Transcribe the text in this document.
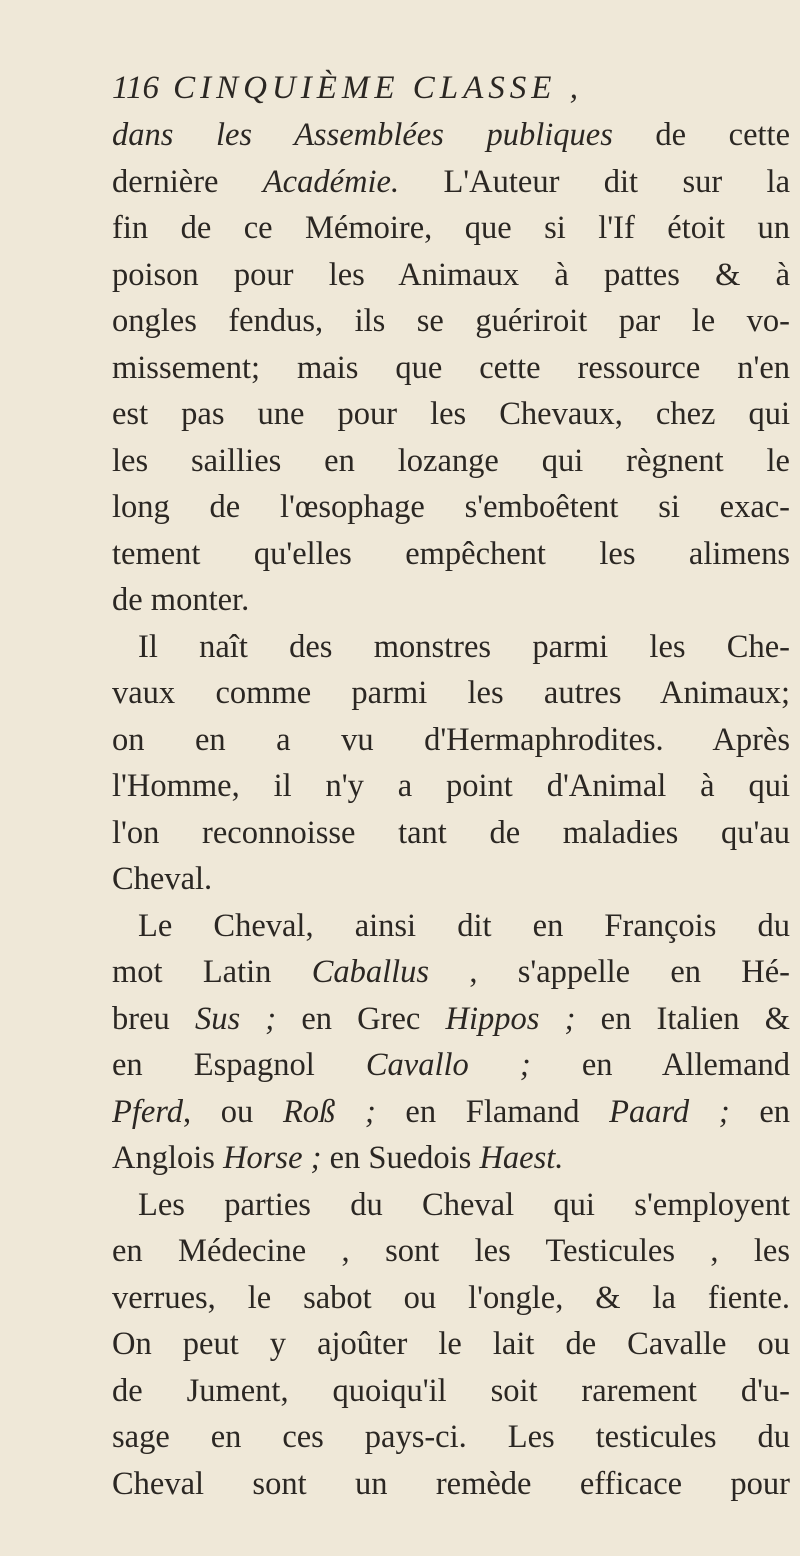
116 CINQUIÈME CLASSE ,
dans les Assemblées publiques de cette
dernière Académie. L'Auteur dit sur la
fin de ce Mémoire, que si l'If étoit un
poison pour les Animaux à pattes & à
ongles fendus, ils se guériroit par le vo-
missement; mais que cette ressource n'en
est pas une pour les Chevaux, chez qui
les saillies en lozange qui règnent le
long de l'œsophage s'emboêtent si exac-
tement qu'elles empêchent les alimens
de monter.
Il naît des monstres parmi les Che-
vaux comme parmi les autres Animaux;
on en a vu d'Hermaphrodites. Après
l'Homme, il n'y a point d'Animal à qui
l'on reconnoisse tant de maladies qu'au
Cheval.
Le Cheval, ainsi dit en François du
mot Latin Caballus , s'appelle en Hé-
breu Sus ; en Grec Hippos ; en Italien &
en Espagnol Cavallo ; en Allemand
Pferd, ou Roß ; en Flamand Paard ; en
Anglois Horse ; en Suedois Haest.
Les parties du Cheval qui s'employent
en Médecine , sont les Testicules , les
verrues, le sabot ou l'ongle, & la fiente.
On peut y ajoûter le lait de Cavalle ou
de Jument, quoiqu'il soit rarement d'u-
sage en ces pays-ci. Les testicules du
Cheval sont un remède efficace pour
